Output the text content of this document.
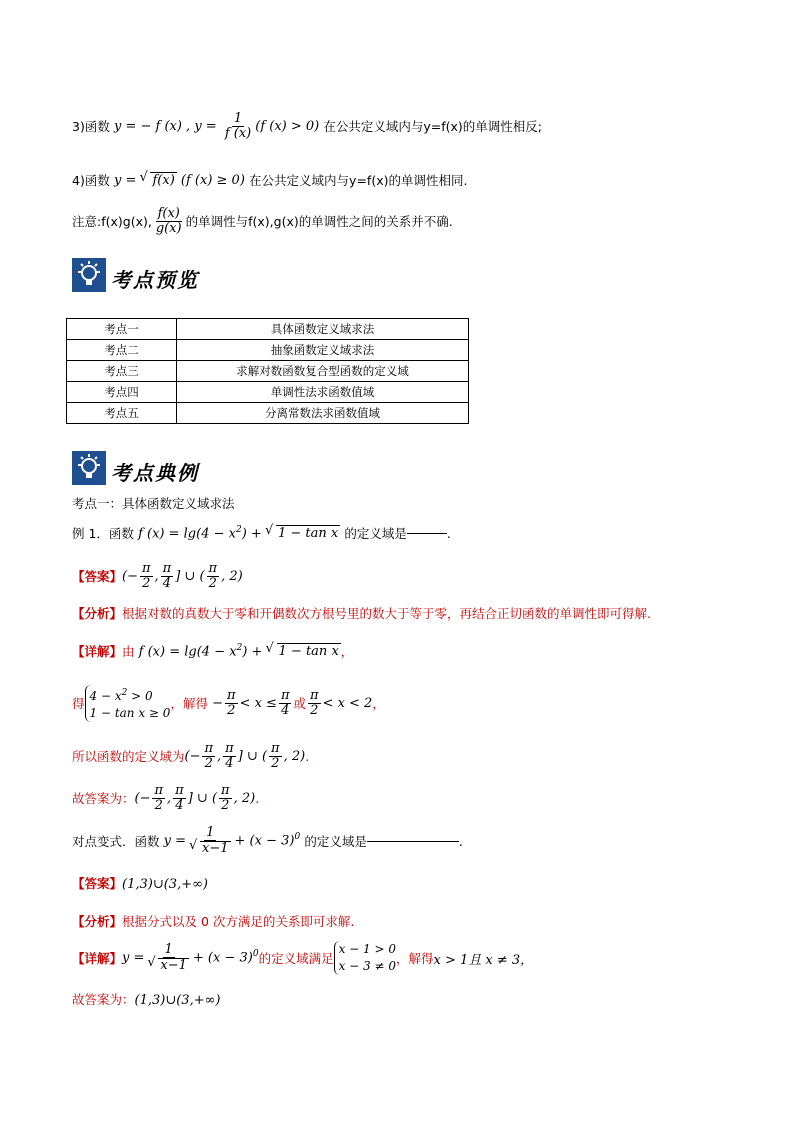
3)函数 y = − f (x) , $y = \frac{1}{f (x)} (f$ (x) > 0) 在公共定义域内与y=f(x)的单调性相反;
4)函数 y = √ f(x) (f (x) ≥ 0) 在公共定义域内与y=f(x)的单调性相同.
注意:f(x)g(x), $\frac{f(x)}{g(x)}$ 的单调性与f(x),g(x)的单调性之间的关系并不确.
考点预览
考点一	具体函数定义域求法
考点二	抽象函数定义域求法
考点三	求解对数函数复合型函数的定义域
考点四	单调性法求函数值域
考点五	分离常数法求函数值域
考点典例
考点一：具体函数定义域求法
例 1．函数 f $(x) = \lg(4 - x^2)$ + √ 1 − tan x 的定义域是	.
【答案】 (− $\frac{\pi}{2}$ , $\frac{\pi}{4}$ ] ∪ ( $\frac{\pi}{2}$ , 2)
【分析】根据对数的真数大于零和开偶数次方根号里的数大于等于零，再结合正切函数的单调性即可得解.
【详解】 由 f $(x) = \lg(4 - x^2)$ + √ 1 − tan x ，
得
$4 - x^2 > 0$
1 − tan x ≥ 0
，解得 − $\frac{\pi}{2} < x \le \frac{\pi}{4}$ 或 $\frac{\pi}{2} < x < 2$ ，
所以函数的定义域为 (− $\frac{\pi}{2}$ , $\frac{\pi}{4}$ ] ∪ ( $\frac{\pi}{2}$ , 2) .
故答案为： (− $\frac{\pi}{2}$ , $\frac{\pi}{4}$ ] ∪ ( $\frac{\pi}{2}$ , 2) .
对点变式．函数 y = 1
√ $x-1 + (x - 3)^0$ 的定义域是	.
【答案】(1,3)∪(3,+∞)
【分析】根据分式以及 0 次方满足的关系即可求解.
【详解】 y = 1
√ $x-1 + (x - 3)^0$ 的定义域满足
x − 1 > 0
x − 3 ≠ 0 ，解得 x > 1且 x ≠ 3，
故答案为：(1,3)∪(3,+∞)
